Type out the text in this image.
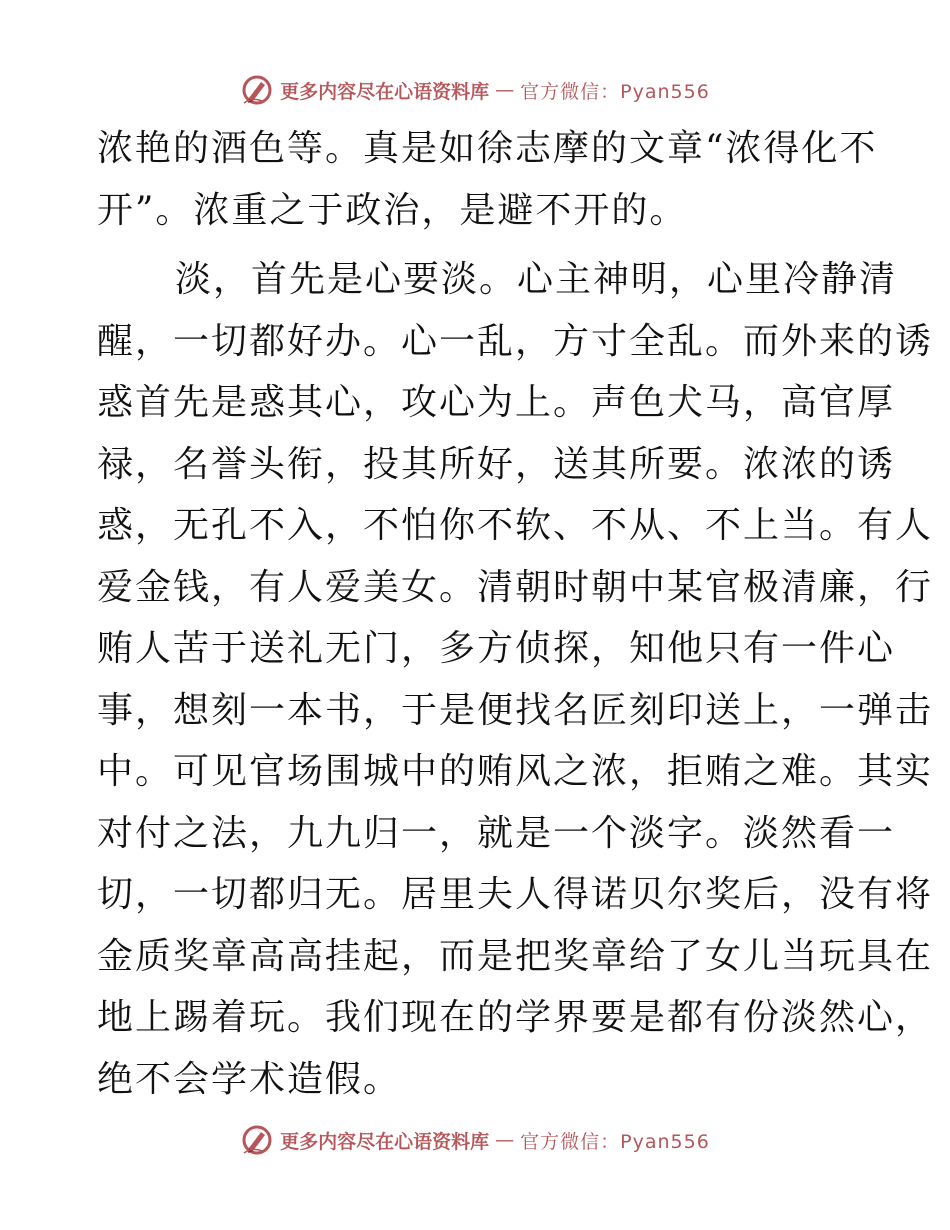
更多内容尽在心语资料库 — 官方微信：Pyan556
浓艳的酒色等。真是如徐志摩的文章“浓得化不
开”。浓重之于政治，是避不开的。
淡，首先是心要淡。心主神明，心里冷静清
醒，一切都好办。心一乱，方寸全乱。而外来的诱
惑首先是惑其心，攻心为上。声色犬马，高官厚
禄，名誉头衔，投其所好，送其所要。浓浓的诱
惑，无孔不入，不怕你不软、不从、不上当。有人
爱金钱，有人爱美女。清朝时朝中某官极清廉，行
贿人苦于送礼无门，多方侦探，知他只有一件心
事，想刻一本书，于是便找名匠刻印送上，一弹击
中。可见官场围城中的贿风之浓，拒贿之难。其实
对付之法，九九归一，就是一个淡字。淡然看一
切，一切都归无。居里夫人得诺贝尔奖后，没有将
金质奖章高高挂起，而是把奖章给了女儿当玩具在
地上踢着玩。我们现在的学界要是都有份淡然心，
绝不会学术造假。
更多内容尽在心语资料库 — 官方微信：Pyan556
